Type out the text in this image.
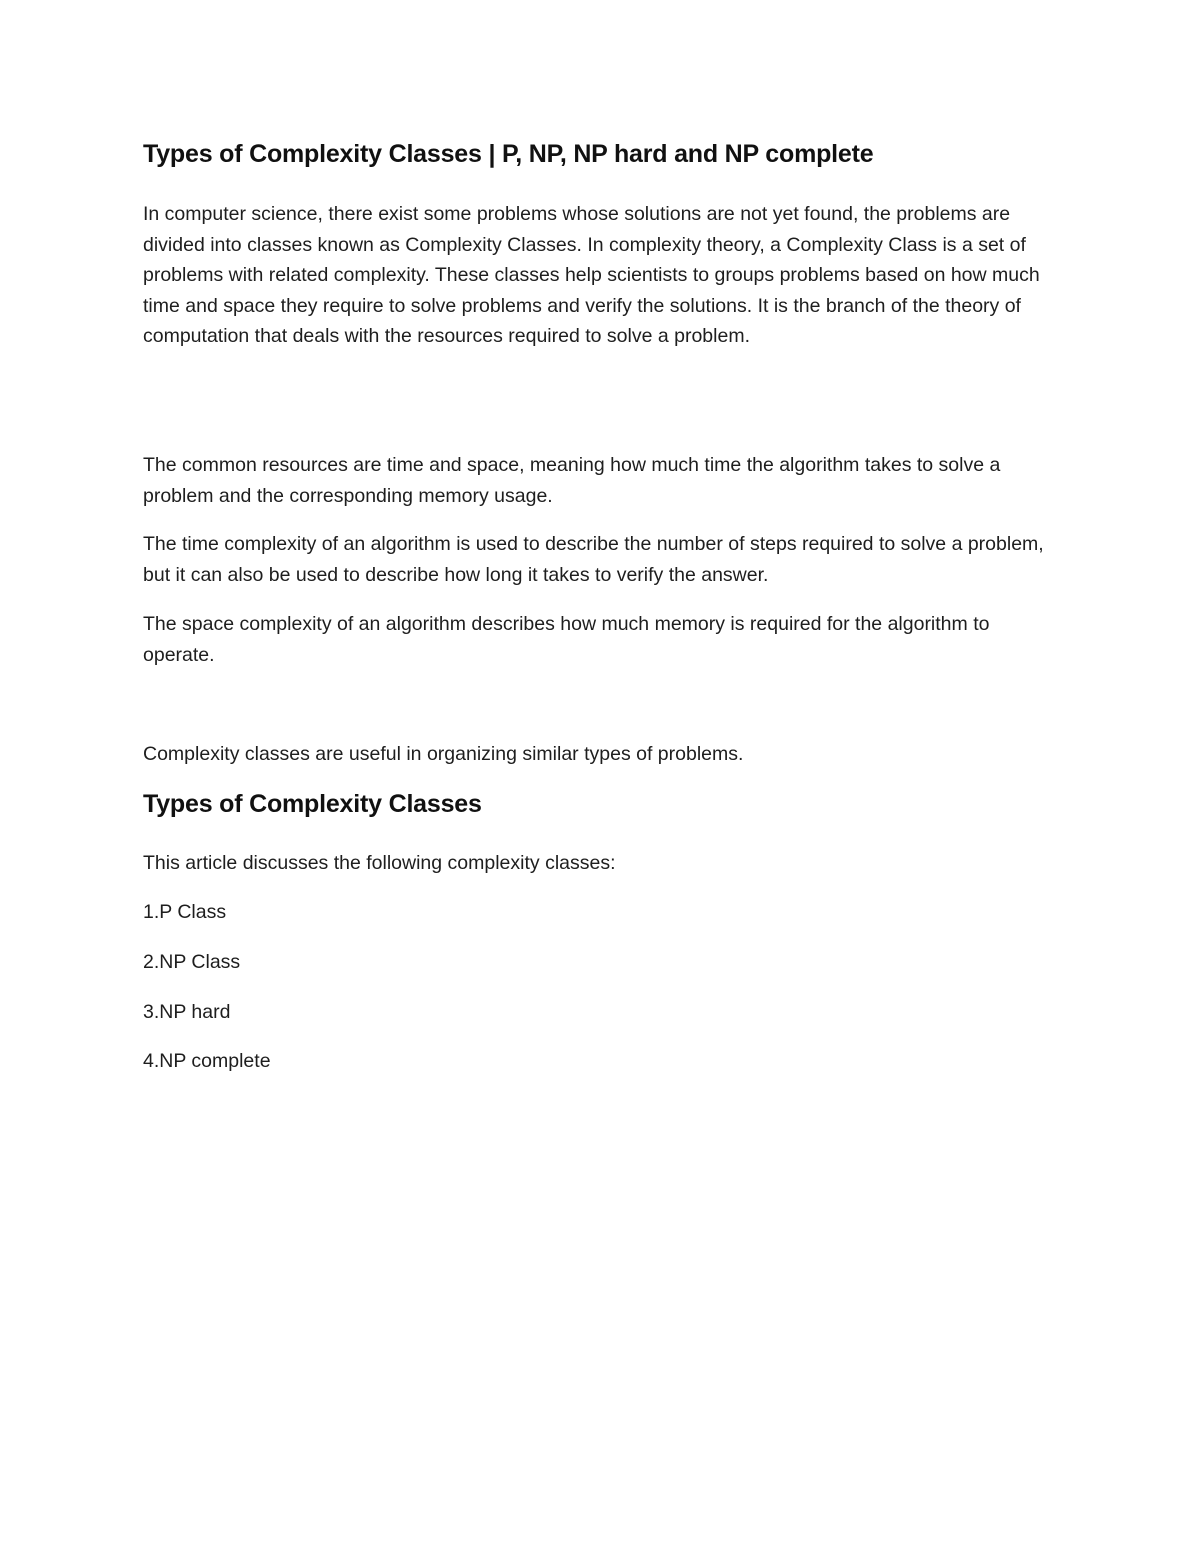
Types of Complexity Classes | P, NP, NP hard and NP complete

In computer science, there exist some problems whose solutions are not yet found, the problems are divided into classes known as Complexity Classes. In complexity theory, a Complexity Class is a set of problems with related complexity. These classes help scientists to groups problems based on how much time and space they require to solve problems and verify the solutions. It is the branch of the theory of computation that deals with the resources required to solve a problem.

The common resources are time and space, meaning how much time the algorithm takes to solve a problem and the corresponding memory usage.

The time complexity of an algorithm is used to describe the number of steps required to solve a problem, but it can also be used to describe how long it takes to verify the answer.

The space complexity of an algorithm describes how much memory is required for the algorithm to operate.

Complexity classes are useful in organizing similar types of problems.

Types of Complexity Classes

This article discusses the following complexity classes:

1.P Class
2.NP Class
3.NP hard
4.NP complete
